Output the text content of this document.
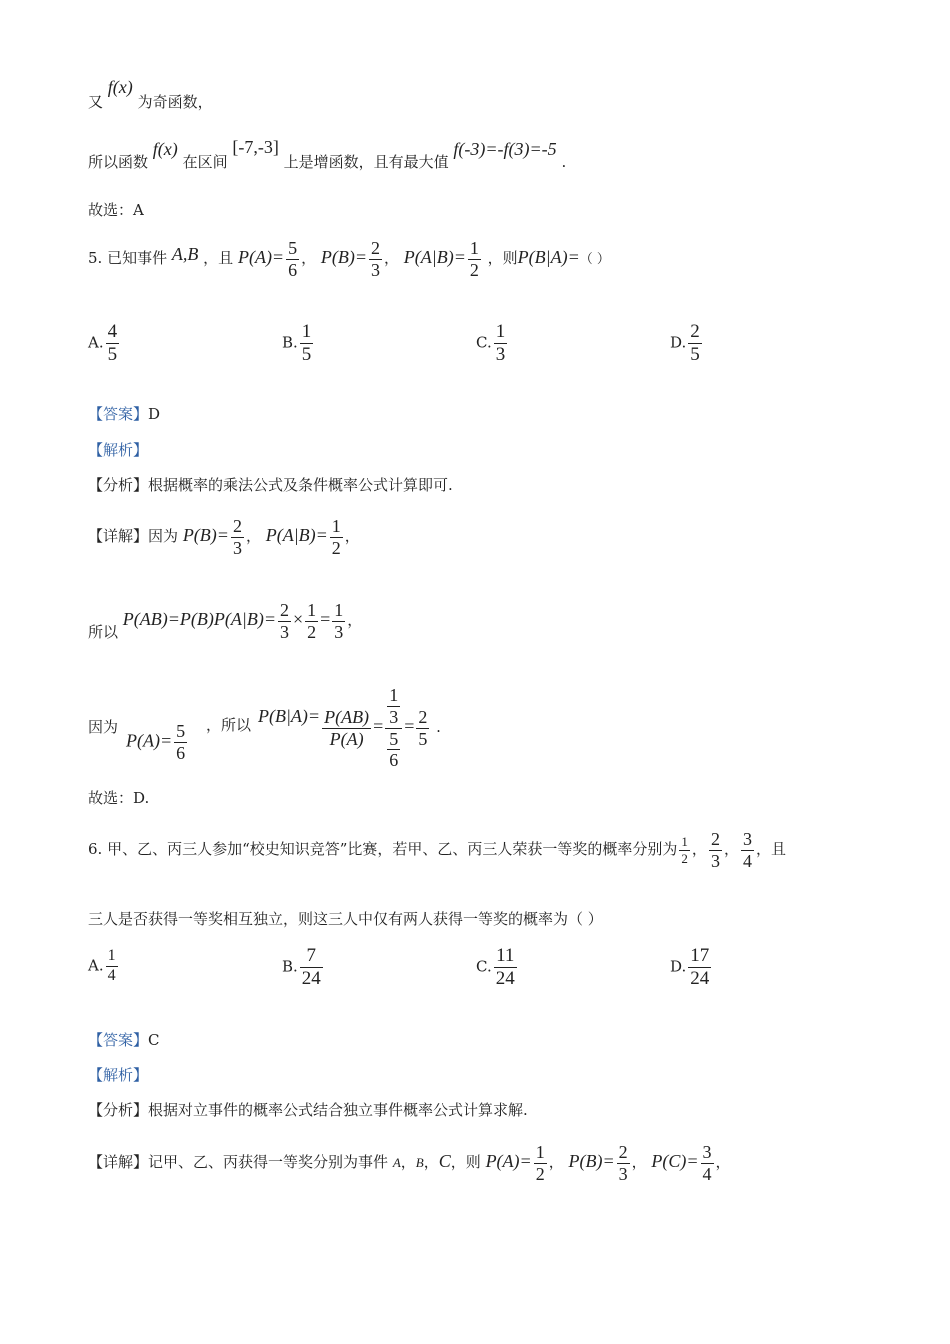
又 f(x) 为奇函数，
所以函数 f(x) 在区间 [-7,-3] 上是增函数，且有最大值 f(-3)=-f(3)=-5 .
故选：A
5. 已知事件 A,B ，且 $P(A)= \frac{5}{6}$ ， $P(B)= \frac{2}{3}$ ， $P(A|B)= \frac{1}{2}$ ，则P(B|A)=（ ）
A. $\frac{4}{5}$	B. $\frac{1}{5}$	C. $\frac{1}{3}$	D. $\frac{2}{5}$
【答案】D
【解析】
【分析】根据概率的乘法公式及条件概率公式计算即可.
【详解】因为 $P(B)= \frac{2}{3}$ ， $P(A|B)= \frac{1}{2}$ ，
所以 $P(AB)=P(B)P(A|B)= \frac{2}{3} \times \frac{1}{2} = \frac{1}{3}$ ，
因为
$P(A)= \frac{5}{6}$ ，所以 $P(B|A)= \frac{P(AB)}{P(A)} = \frac{\frac{1}{3}}{\frac{5}{6}} = \frac{2}{5}$ .
故选：D.
6. 甲、乙、丙三人参加“校史知识竞答”比赛，若甲、乙、丙三人荣获一等奖的概率分别为 $\frac{1}{2}$ ， $\frac{2}{3}$ ， $\frac{3}{4}$ ，且
三人是否获得一等奖相互独立，则这三人中仅有两人获得一等奖的概率为（ ）
A. $\frac{1}{4}$	B. $\frac{7}{24}$	C. $\frac{11}{24}$	D. $\frac{17}{24}$
【答案】C
【解析】
【分析】根据对立事件的概率公式结合独立事件概率公式计算求解.
【详解】记甲、乙、丙获得一等奖分别为事件 A，B，C，则 $P(A)= \frac{1}{2}$ ， $P(B)= \frac{2}{3}$ ， $P(C)= \frac{3}{4}$ ，
